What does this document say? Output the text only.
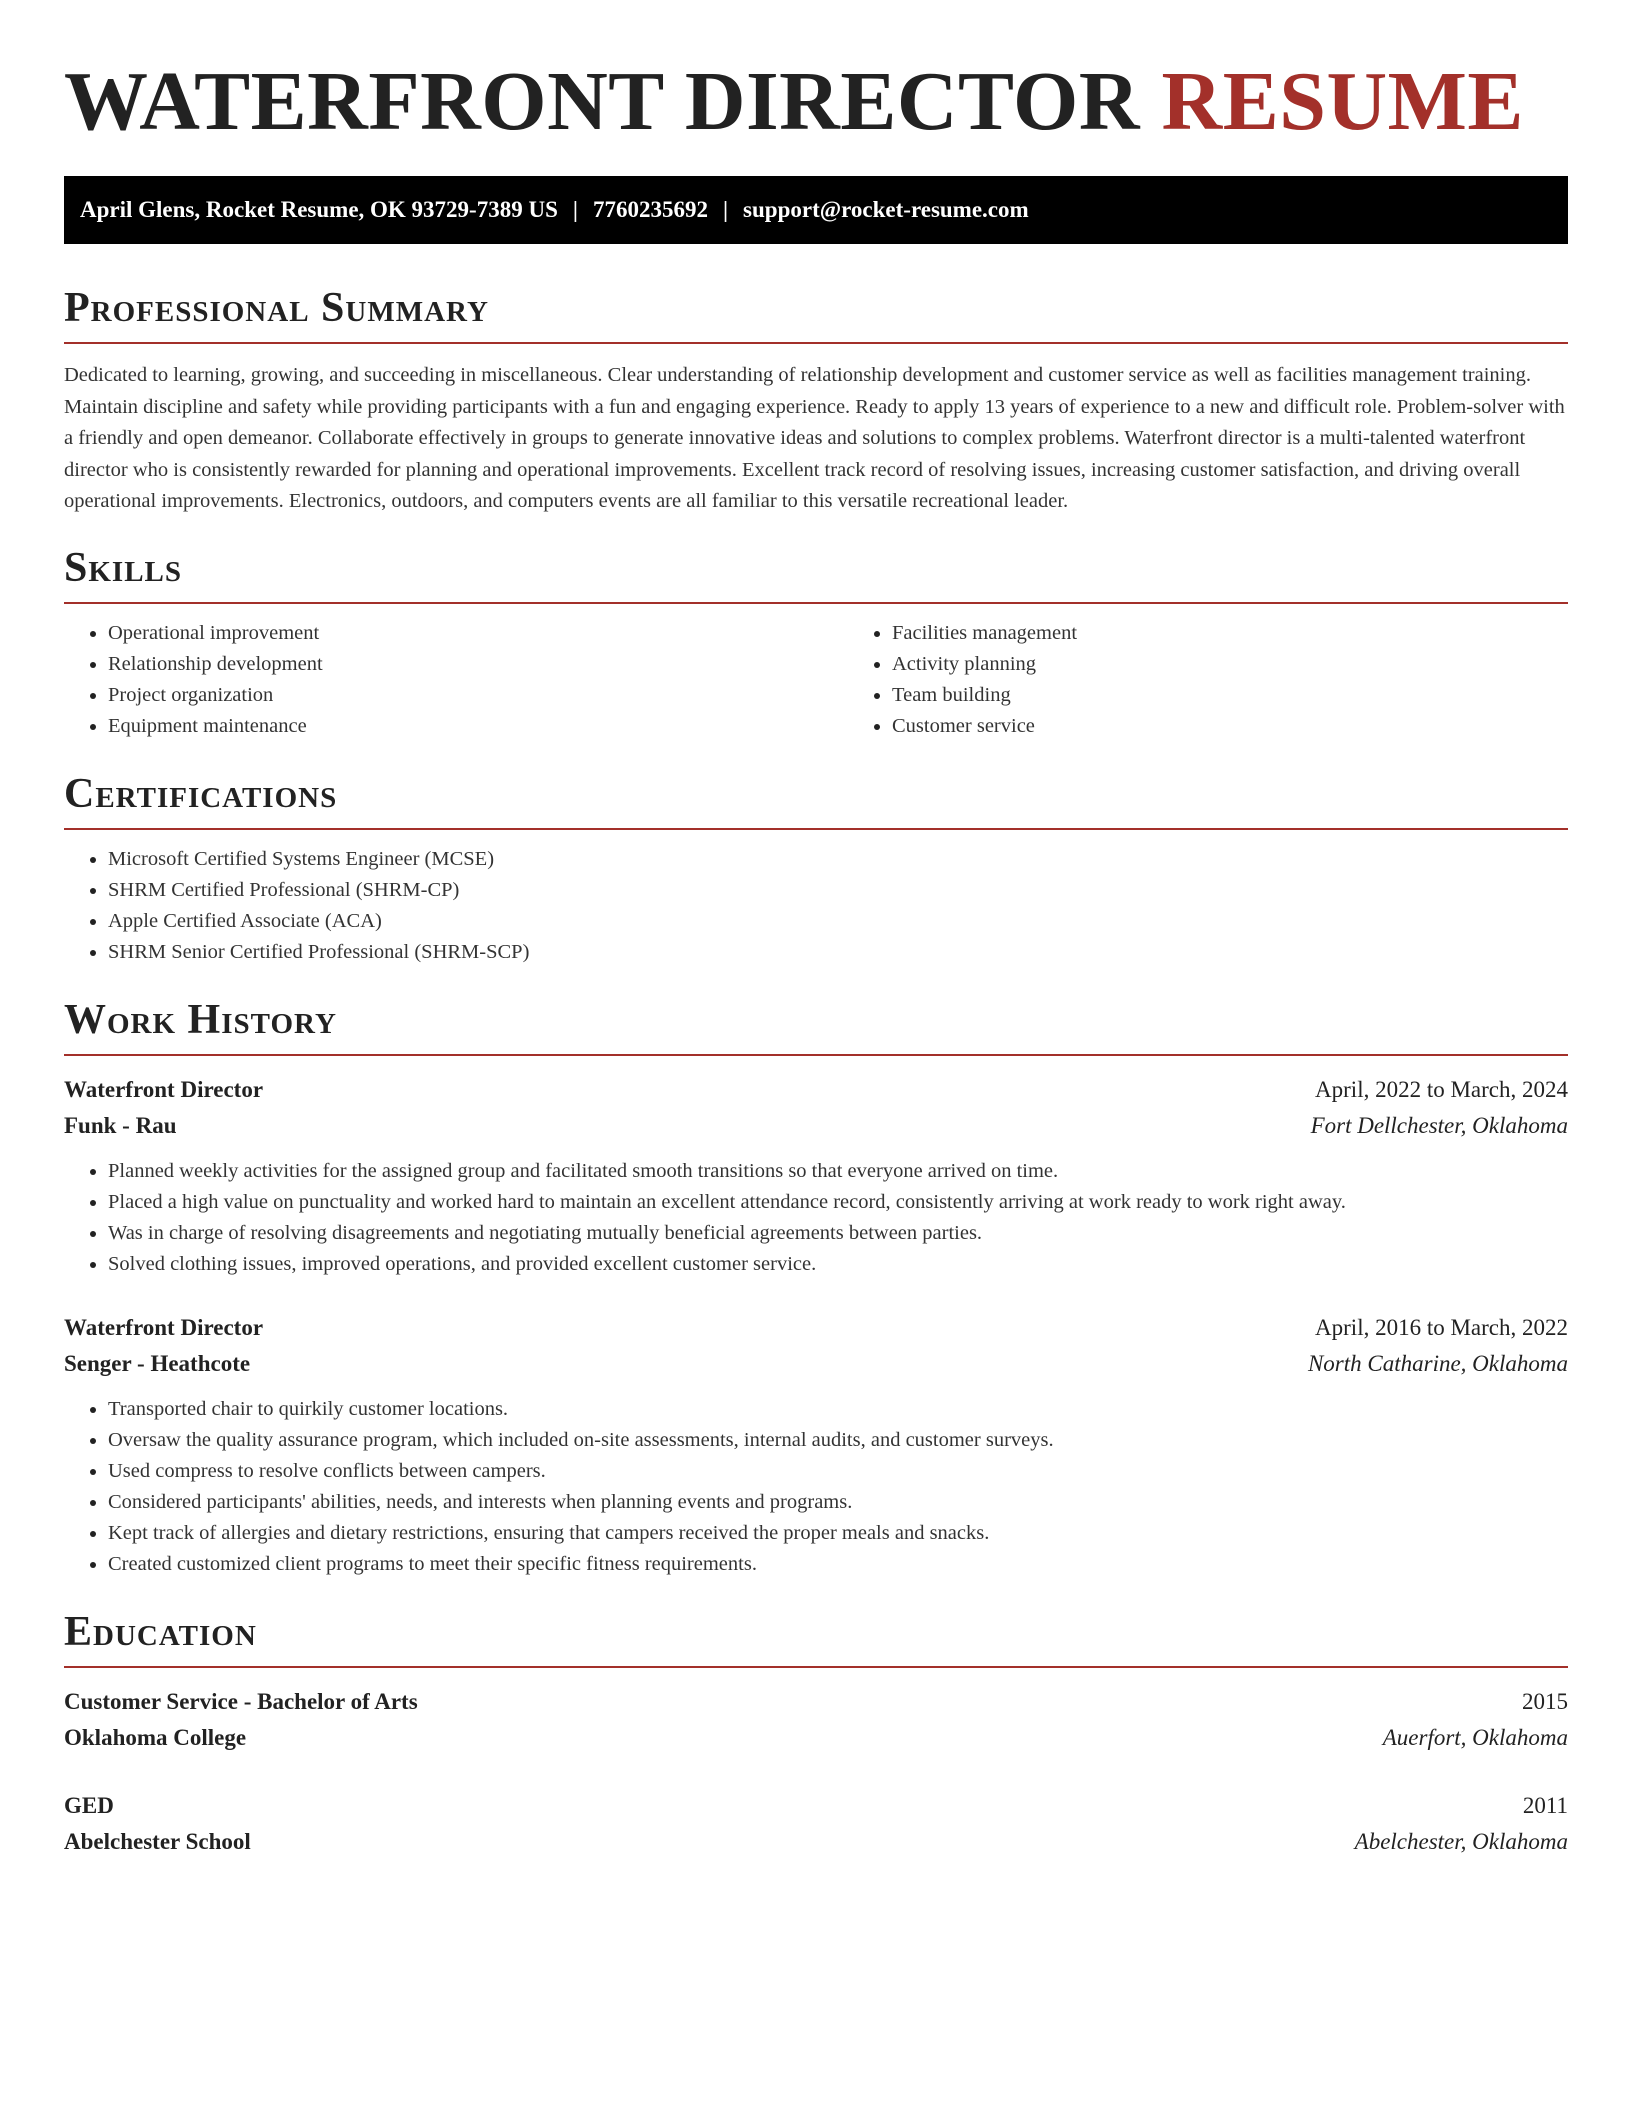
WATERFRONT DIRECTOR RESUME
April Glens, Rocket Resume, OK 93729-7389 US | 7760235692 | support@rocket-resume.com
Professional Summary

Dedicated to learning, growing, and succeeding in miscellaneous. Clear understanding of relationship development and customer service as well as facilities management training. Maintain discipline and safety while providing participants with a fun and engaging experience. Ready to apply 13 years of experience to a new and difficult role. Problem-solver with a friendly and open demeanor. Collaborate effectively in groups to generate innovative ideas and solutions to complex problems. Waterfront director is a multi-talented waterfront director who is consistently rewarded for planning and operational improvements. Excellent track record of resolving issues, increasing customer satisfaction, and driving overall operational improvements. Electronics, outdoors, and computers events are all familiar to this versatile recreational leader.

Skills
• Operational improvement
• Relationship development
• Project organization
• Equipment maintenance
• Facilities management
• Activity planning
• Team building
• Customer service
Certifications
• Microsoft Certified Systems Engineer (MCSE)
• SHRM Certified Professional (SHRM-CP)
• Apple Certified Associate (ACA)
• SHRM Senior Certified Professional (SHRM-SCP)
Work History
Waterfront Director	April, 2022 to March, 2024
Funk - Rau	Fort Dellchester, Oklahoma
• Planned weekly activities for the assigned group and facilitated smooth transitions so that everyone arrived on time.
• Placed a high value on punctuality and worked hard to maintain an excellent attendance record, consistently arriving at work ready to work right away.
• Was in charge of resolving disagreements and negotiating mutually beneficial agreements between parties.
• Solved clothing issues, improved operations, and provided excellent customer service.
Waterfront Director	April, 2016 to March, 2022
Senger - Heathcote	North Catharine, Oklahoma
• Transported chair to quirkily customer locations.
• Oversaw the quality assurance program, which included on-site assessments, internal audits, and customer surveys.
• Used compress to resolve conflicts between campers.
• Considered participants' abilities, needs, and interests when planning events and programs.
• Kept track of allergies and dietary restrictions, ensuring that campers received the proper meals and snacks.
• Created customized client programs to meet their specific fitness requirements.
Education
Customer Service - Bachelor of Arts	2015
Oklahoma College	Auerfort, Oklahoma
GED	2011
Abelchester School	Abelchester, Oklahoma
